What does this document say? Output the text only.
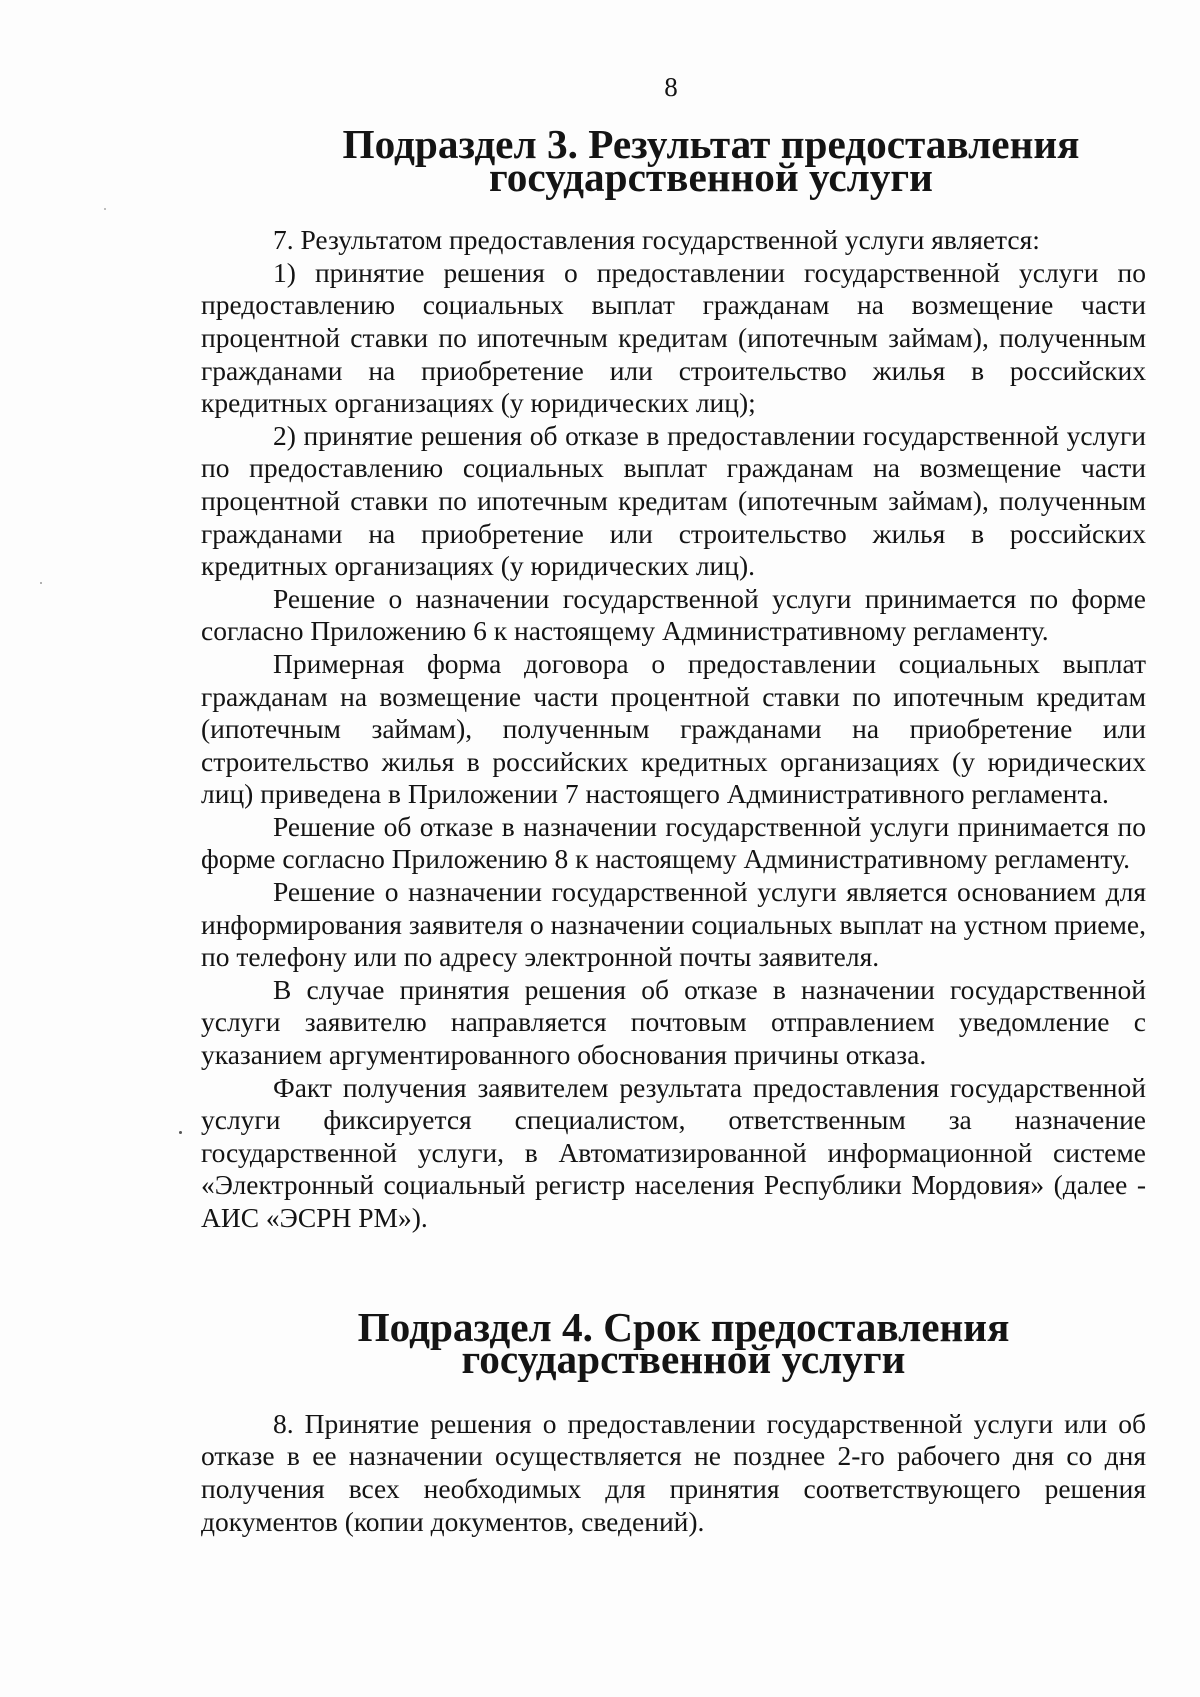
8
Подраздел 3. Результат предоставления государственной услуги

7. Результатом предоставления государственной услуги является:

1) принятие решения о предоставлении государственной услуги по предоставлению социальных выплат гражданам на возмещение части процентной ставки по ипотечным кредитам (ипотечным займам), полученным гражданами на приобретение или строительство жилья в российских кредитных организациях (у юридических лиц);

2) принятие решения об отказе в предоставлении государственной услуги по предоставлению социальных выплат гражданам на возмещение части процентной ставки по ипотечным кредитам (ипотечным займам), полученным гражданами на приобретение или строительство жилья в российских кредитных организациях (у юридических лиц).

Решение о назначении государственной услуги принимается по форме согласно Приложению 6 к настоящему Административному регламенту.

Примерная форма договора о предоставлении социальных выплат гражданам на возмещение части процентной ставки по ипотечным кредитам (ипотечным займам), полученным гражданами на приобретение или строительство жилья в российских кредитных организациях (у юридических лиц) приведена в Приложении 7 настоящего Административного регламента.

Решение об отказе в назначении государственной услуги принимается по форме согласно Приложению 8 к настоящему Административному регламенту.

Решение о назначении государственной услуги является основанием для информирования заявителя о назначении социальных выплат на устном приеме, по телефону или по адресу электронной почты заявителя.

В случае принятия решения об отказе в назначении государственной услуги заявителю направляется почтовым отправлением уведомление с указанием аргументированного обоснования причины отказа.

Факт получения заявителем результата предоставления государственной услуги фиксируется специалистом, ответственным за назначение государственной услуги, в Автоматизированной информационной системе «Электронный социальный регистр населения Республики Мордовия» (далее - АИС «ЭСРН РМ»).

Подраздел 4. Срок предоставления государственной услуги

8. Принятие решения о предоставлении государственной услуги или об отказе в ее назначении осуществляется не позднее 2-го рабочего дня со дня получения всех необходимых для принятия соответствующего решения документов (копии документов, сведений).
